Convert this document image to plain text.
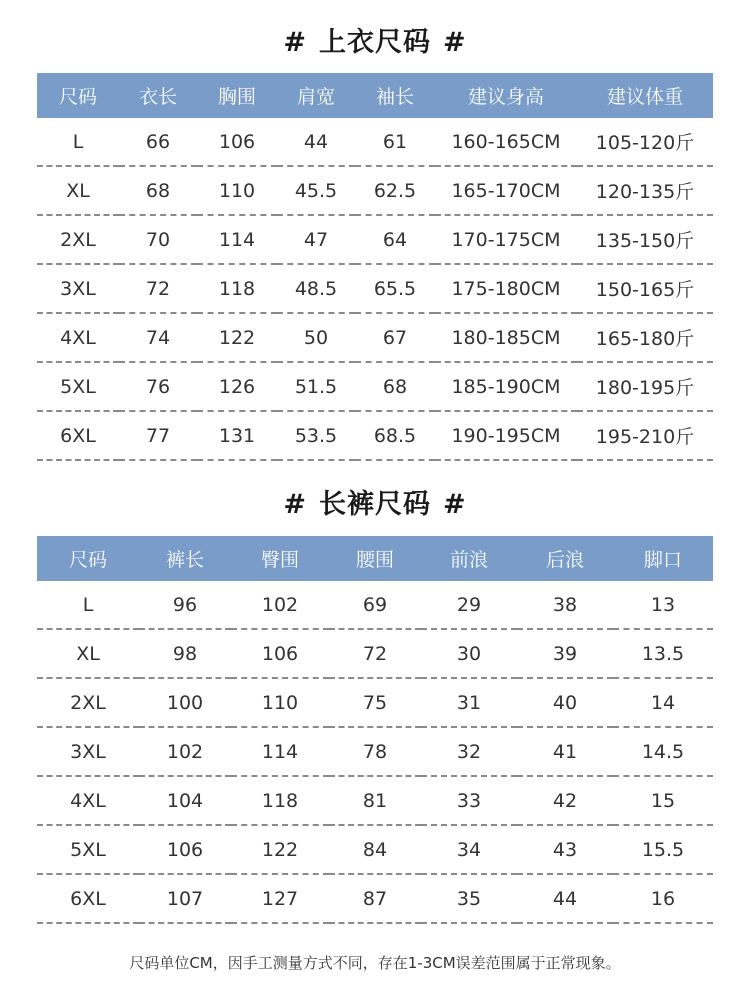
# 上衣尺码 #
尺码	衣长	胸围	肩宽	袖长	建议身高	建议体重
L	66	106	44	61	160-165CM	105-120斤
XL	68	110	45.5	62.5	165-170CM	120-135斤
2XL	70	114	47	64	170-175CM	135-150斤
3XL	72	118	48.5	65.5	175-180CM	150-165斤
4XL	74	122	50	67	180-185CM	165-180斤
5XL	76	126	51.5	68	185-190CM	180-195斤
6XL	77	131	53.5	68.5	190-195CM	195-210斤
# 长裤尺码 #
尺码	裤长	臀围	腰围	前浪	后浪	脚口
L	96	102	69	29	38	13
XL	98	106	72	30	39	13.5
2XL	100	110	75	31	40	14
3XL	102	114	78	32	41	14.5
4XL	104	118	81	33	42	15
5XL	106	122	84	34	43	15.5
6XL	107	127	87	35	44	16
尺码单位CM，因手工测量方式不同，存在1-3CM误差范围属于正常现象。
